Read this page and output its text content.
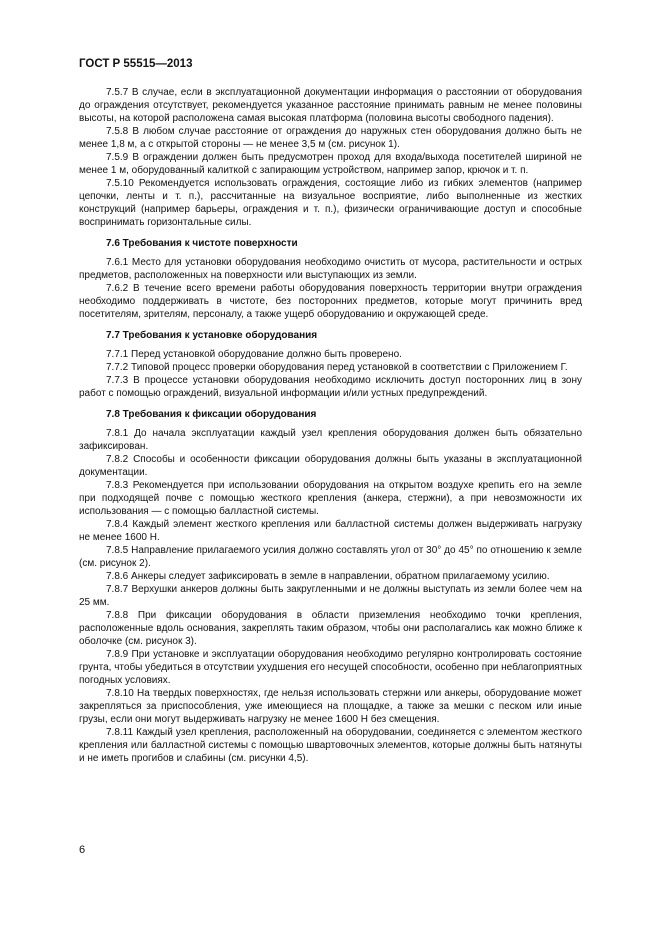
ГОСТ Р 55515—2013

7.5.7 В случае, если в эксплуатационной документации информация о расстоянии от оборудования до ограждения отсутствует, рекомендуется указанное расстояние принимать равным не менее половины высоты, на которой расположена самая высокая платформа (половина высоты свободного падения).

7.5.8 В любом случае расстояние от ограждения до наружных стен оборудования должно быть не менее 1,8 м, а с открытой стороны — не менее 3,5 м (см. рисунок 1).

7.5.9 В ограждении должен быть предусмотрен проход для входа/выхода посетителей шириной не менее 1 м, оборудованный калиткой с запирающим устройством, например запор, крючок и т. п.

7.5.10 Рекомендуется использовать ограждения, состоящие либо из гибких элементов (например цепочки, ленты и т. п.), рассчитанные на визуальное восприятие, либо выполненные из жестких конструкций (например барьеры, ограждения и т. п.), физически ограничивающие доступ и способные воспринимать горизонтальные силы.

7.6 Требования к чистоте поверхности

7.6.1 Место для установки оборудования необходимо очистить от мусора, растительности и острых предметов, расположенных на поверхности или выступающих из земли.

7.6.2 В течение всего времени работы оборудования поверхность территории внутри ограждения необходимо поддерживать в чистоте, без посторонних предметов, которые могут причинить вред посетителям, зрителям, персоналу, а также ущерб оборудованию и окружающей среде.

7.7 Требования к установке оборудования

7.7.1 Перед установкой оборудование должно быть проверено.

7.7.2 Типовой процесс проверки оборудования перед установкой в соответствии с Приложением Г.

7.7.3 В процессе установки оборудования необходимо исключить доступ посторонних лиц в зону работ с помощью ограждений, визуальной информации и/или устных предупреждений.

7.8 Требования к фиксации оборудования

7.8.1 До начала эксплуатации каждый узел крепления оборудования должен быть обязательно зафиксирован.

7.8.2 Способы и особенности фиксации оборудования должны быть указаны в эксплуатационной документации.

7.8.3 Рекомендуется при использовании оборудования на открытом воздухе крепить его на земле при подходящей почве с помощью жесткого крепления (анкера, стержни), а при невозможности их использования — с помощью балластной системы.

7.8.4 Каждый элемент жесткого крепления или балластной системы должен выдерживать нагрузку не менее 1600 Н.

7.8.5 Направление прилагаемого усилия должно составлять угол от 30° до 45° по отношению к земле (см. рисунок 2).

7.8.6 Анкеры следует зафиксировать в земле в направлении, обратном прилагаемому усилию.

7.8.7 Верхушки анкеров должны быть закругленными и не должны выступать из земли более чем на 25 мм.

7.8.8 При фиксации оборудования в области приземления необходимо точки крепления, расположенные вдоль основания, закреплять таким образом, чтобы они располагались как можно ближе к оболочке (см. рисунок 3).

7.8.9 При установке и эксплуатации оборудования необходимо регулярно контролировать состояние грунта, чтобы убедиться в отсутствии ухудшения его несущей способности, особенно при неблагоприятных погодных условиях.

7.8.10 На твердых поверхностях, где нельзя использовать стержни или анкеры, оборудование может закрепляться за приспособления, уже имеющиеся на площадке, а также за мешки с песком или иные грузы, если они могут выдерживать нагрузку не менее 1600 Н без смещения.

7.8.11 Каждый узел крепления, расположенный на оборудовании, соединяется с элементом жесткого крепления или балластной системы с помощью швартовочных элементов, которые должны быть натянуты и не иметь прогибов и слабины (см. рисунки 4,5).

6
